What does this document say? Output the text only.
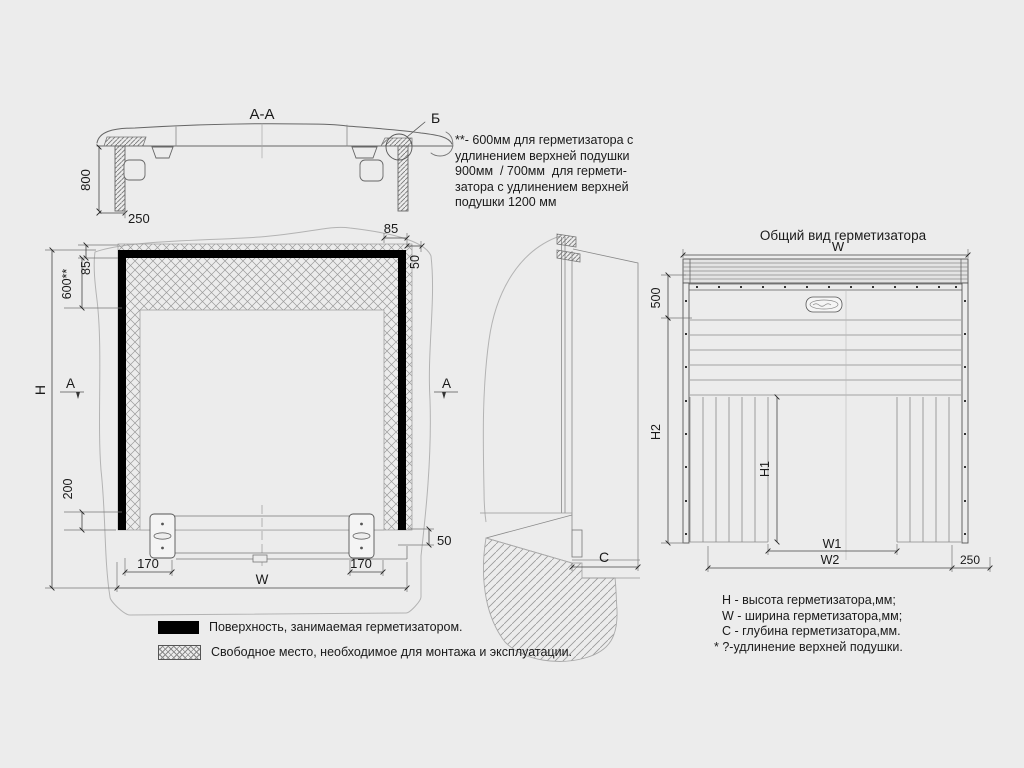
A-A	Б
800
250
H
85
600**
200
A	A
170	170
W
50
85
50
C
Общий вид герметизатора
W
500
H2
H1
W1
W2	250
**- 600мм для герметизатора с
удлинением верхней подушки
900мм  / 700мм  для гермети-
затора с удлинением верхней
подушки 1200 мм
Поверхность, занимаемая герметизатором.
Свободное место, необходимое для монтажа и эксплуатации.
H - высота герметизатора,мм;
W - ширина герметизатора,мм;
C - глубина герметизатора,мм.
* ?-удлинение верхней подушки.
